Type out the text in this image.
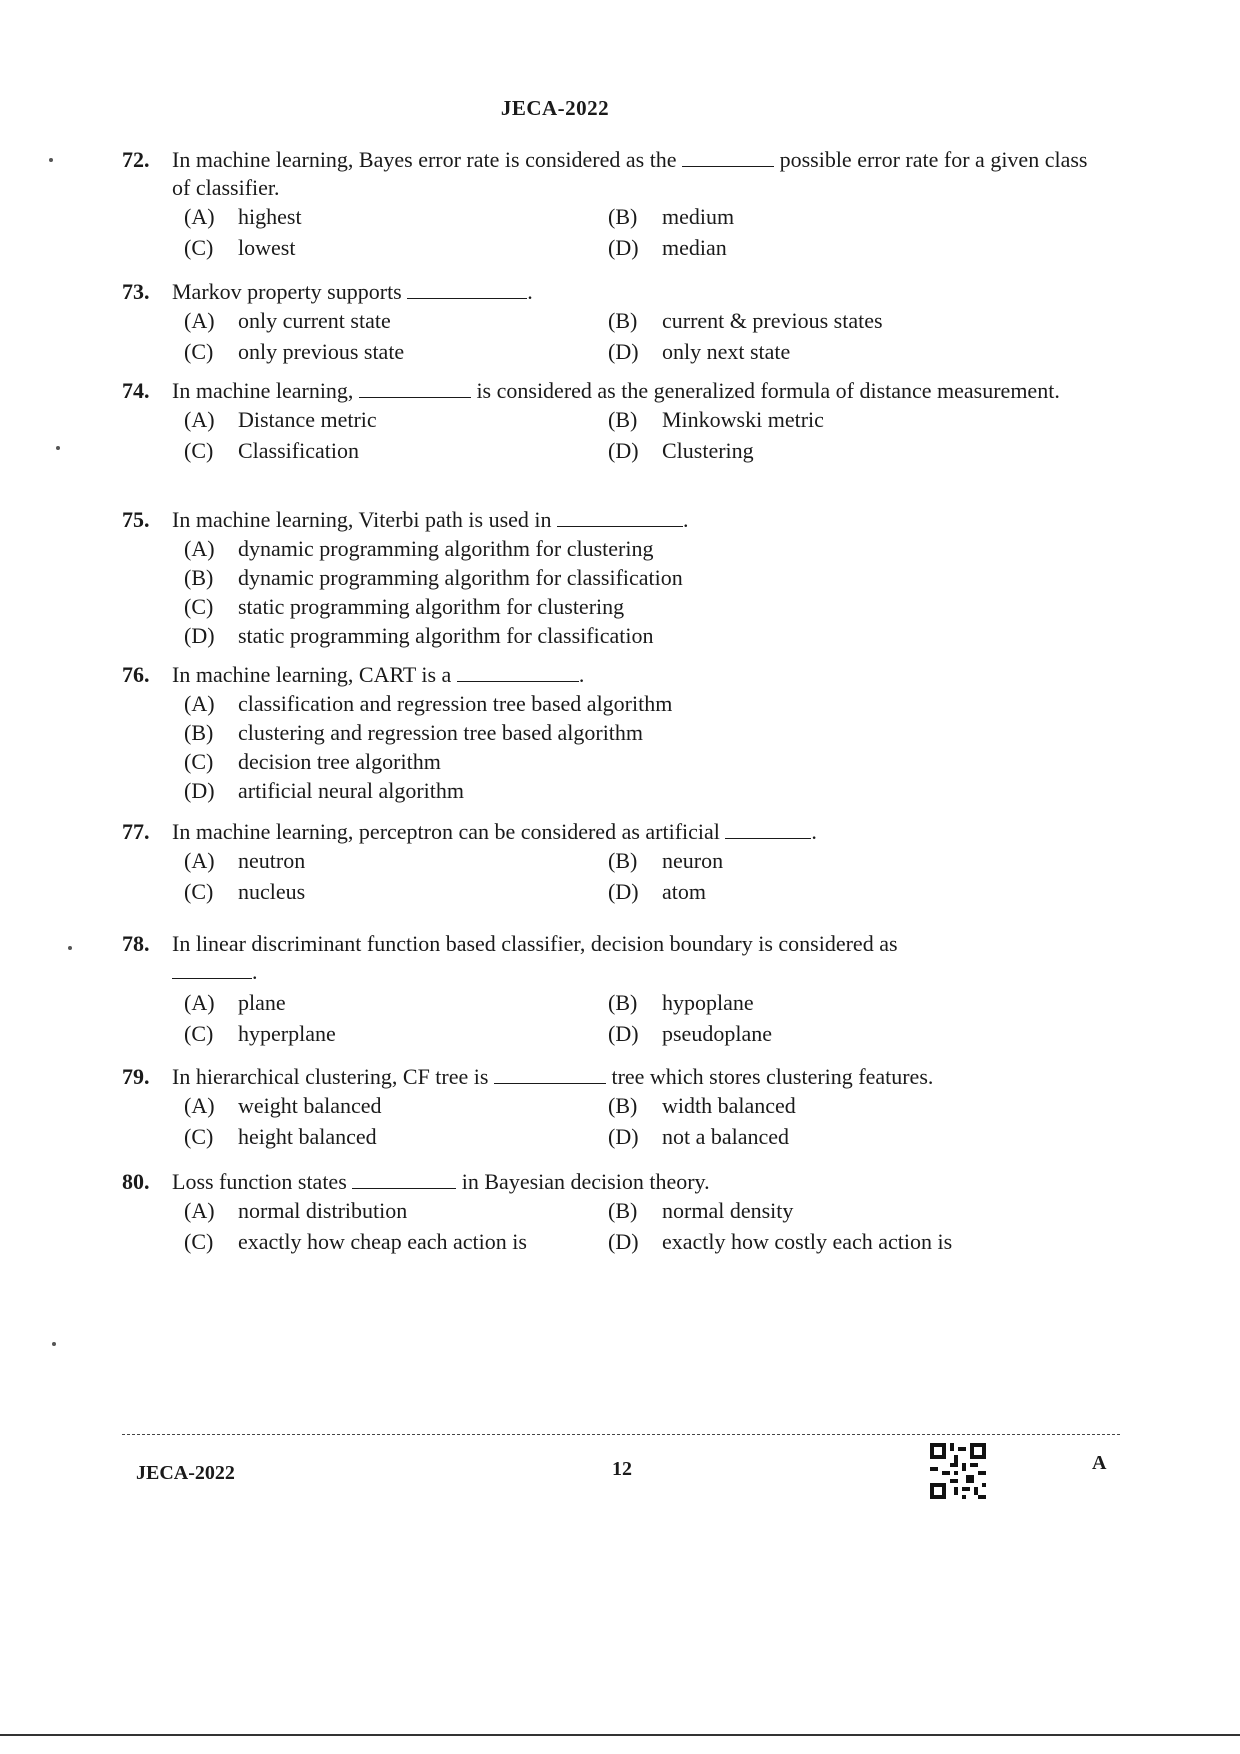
JECA-2022
72.	In machine learning, Bayes error rate is considered as the	possible error rate for a given class of classifier.
(A)	highest	(B)	medium
(C)	lowest	(D)	median
73.	Markov property supports	.
(A)	only current state	(B)	current & previous states
(C)	only previous state	(D)	only next state
74.	In machine learning,	is considered as the generalized formula of distance measurement.
(A)	Distance metric	(B)	Minkowski metric
(C)	Classification	(D)	Clustering
75.	In machine learning, Viterbi path is used in	.
(A)	dynamic programming algorithm for clustering
(B)	dynamic programming algorithm for classification
(C)	static programming algorithm for clustering
(D)	static programming algorithm for classification
76.	In machine learning, CART is a	.
(A)	classification and regression tree based algorithm
(B)	clustering and regression tree based algorithm
(C)	decision tree algorithm
(D)	artificial neural algorithm
77.	In machine learning, perceptron can be considered as artificial	.
(A)	neutron	(B)	neuron
(C)	nucleus	(D)	atom
78.	In linear discriminant function based classifier, decision boundary is considered as
.
(A)	plane	(B)	hypoplane
(C)	hyperplane	(D)	pseudoplane
79.	In hierarchical clustering, CF tree is	tree which stores clustering features.
(A)	weight balanced	(B)	width balanced
(C)	height balanced	(D)	not a balanced
80.	Loss function states	in Bayesian decision theory.
(A)	normal distribution	(B)	normal density
(C)	exactly how cheap each action is	(D)	exactly how costly each action is
JECA-2022	12	A
